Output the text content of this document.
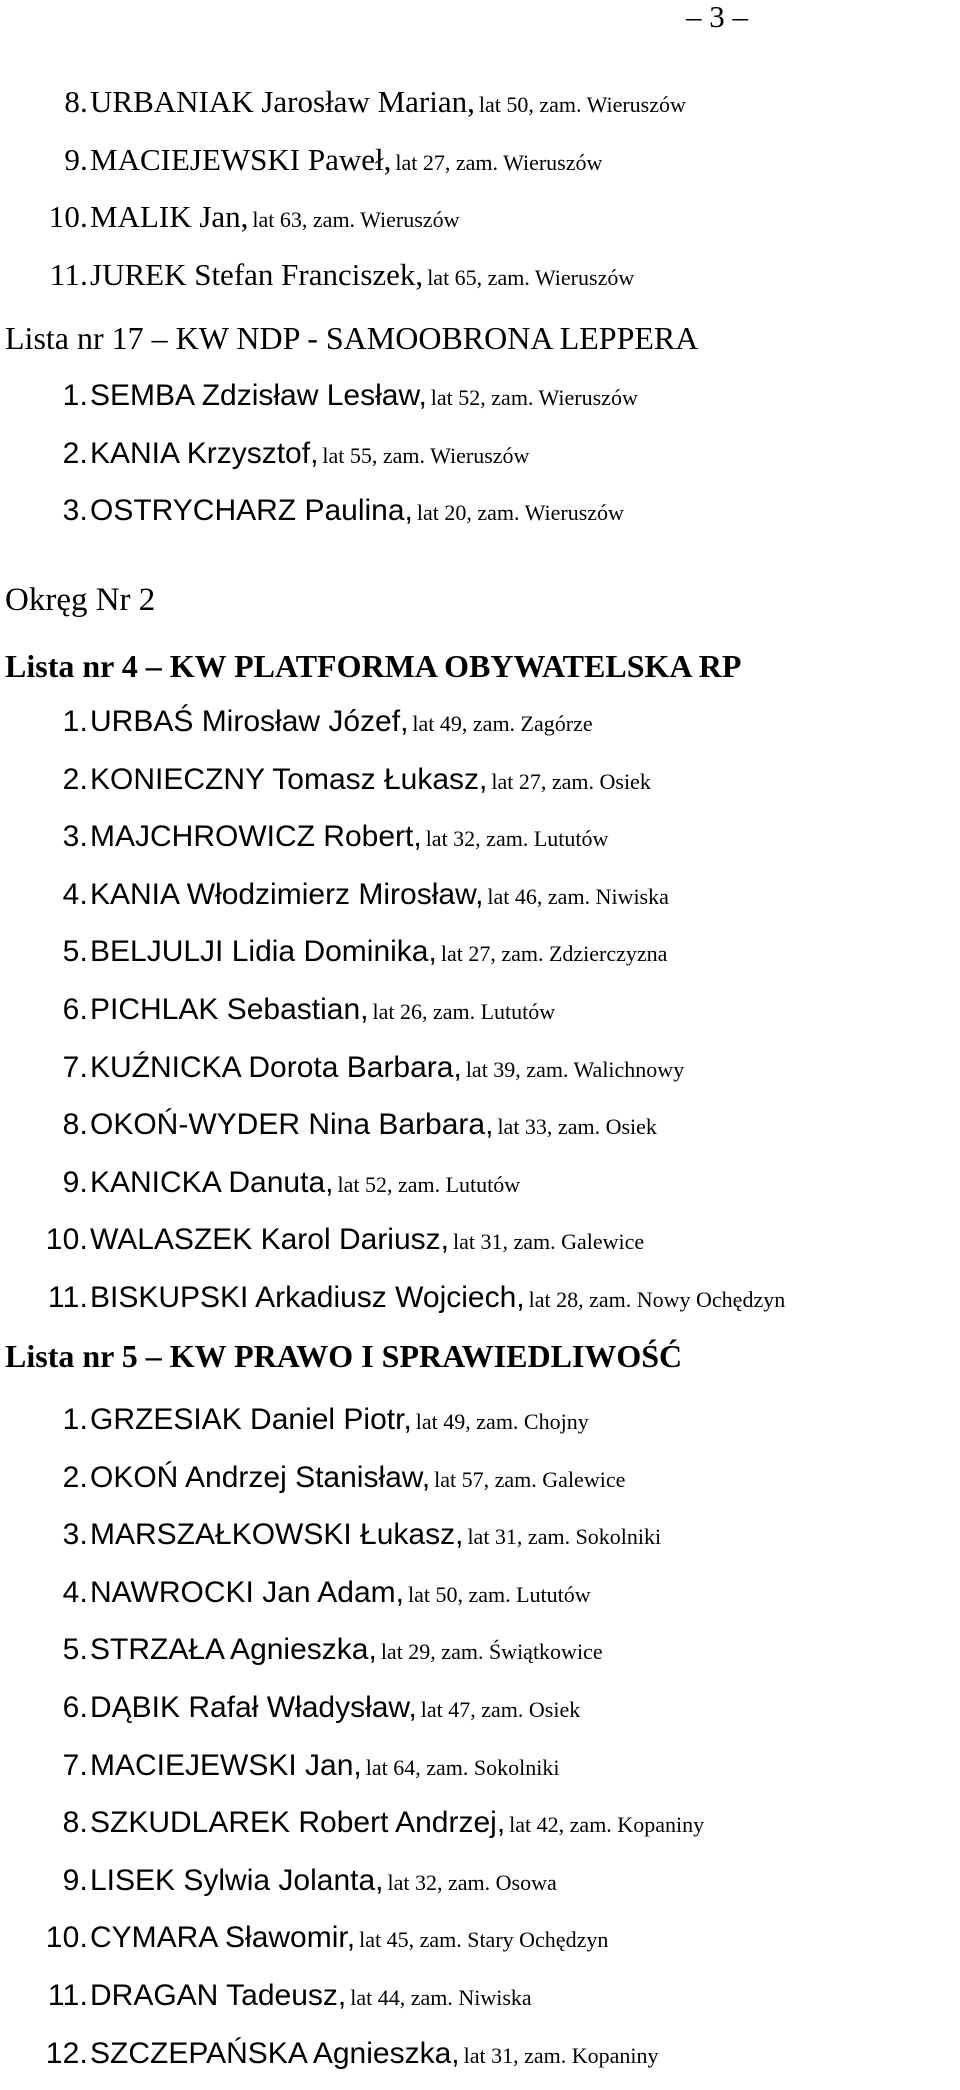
– 3 –
8. URBANIAK Jarosław Marian, lat 50, zam. Wieruszów
9. MACIEJEWSKI Paweł, lat 27, zam. Wieruszów
10. MALIK Jan, lat 63, zam. Wieruszów
11. JUREK Stefan Franciszek, lat 65, zam. Wieruszów
Lista nr 17 – KW NDP - SAMOOBRONA LEPPERA
1. SEMBA Zdzisław Lesław, lat 52, zam. Wieruszów
2. KANIA Krzysztof, lat 55, zam. Wieruszów
3. OSTRYCHARZ Paulina, lat 20, zam. Wieruszów
Okręg Nr 2
Lista nr 4 – KW PLATFORMA OBYWATELSKA RP
1. URBAŚ Mirosław Józef, lat 49, zam. Zagórze
2. KONIECZNY Tomasz Łukasz, lat 27, zam. Osiek
3. MAJCHROWICZ Robert, lat 32, zam. Lututów
4. KANIA Włodzimierz Mirosław, lat 46, zam. Niwiska
5. BELJULJI Lidia Dominika, lat 27, zam. Zdzierczyzna
6. PICHLAK Sebastian, lat 26, zam. Lututów
7. KUŹNICKA Dorota Barbara, lat 39, zam. Walichnowy
8. OKOŃ-WYDER Nina Barbara, lat 33, zam. Osiek
9. KANICKA Danuta, lat 52, zam. Lututów
10. WALASZEK Karol Dariusz, lat 31, zam. Galewice
11. BISKUPSKI Arkadiusz Wojciech, lat 28, zam. Nowy Ochędzyn
Lista nr 5 – KW PRAWO I SPRAWIEDLIWOŚĆ
1. GRZESIAK Daniel Piotr, lat 49, zam. Chojny
2. OKOŃ Andrzej Stanisław, lat 57, zam. Galewice
3. MARSZAŁKOWSKI Łukasz, lat 31, zam. Sokolniki
4. NAWROCKI Jan Adam, lat 50, zam. Lututów
5. STRZAŁA Agnieszka, lat 29, zam. Świątkowice
6. DĄBIK Rafał Władysław, lat 47, zam. Osiek
7. MACIEJEWSKI Jan, lat 64, zam. Sokolniki
8. SZKUDLAREK Robert Andrzej, lat 42, zam. Kopaniny
9. LISEK Sylwia Jolanta, lat 32, zam. Osowa
10. CYMARA Sławomir, lat 45, zam. Stary Ochędzyn
11. DRAGAN Tadeusz, lat 44, zam. Niwiska
12. SZCZEPAŃSKA Agnieszka, lat 31, zam. Kopaniny
